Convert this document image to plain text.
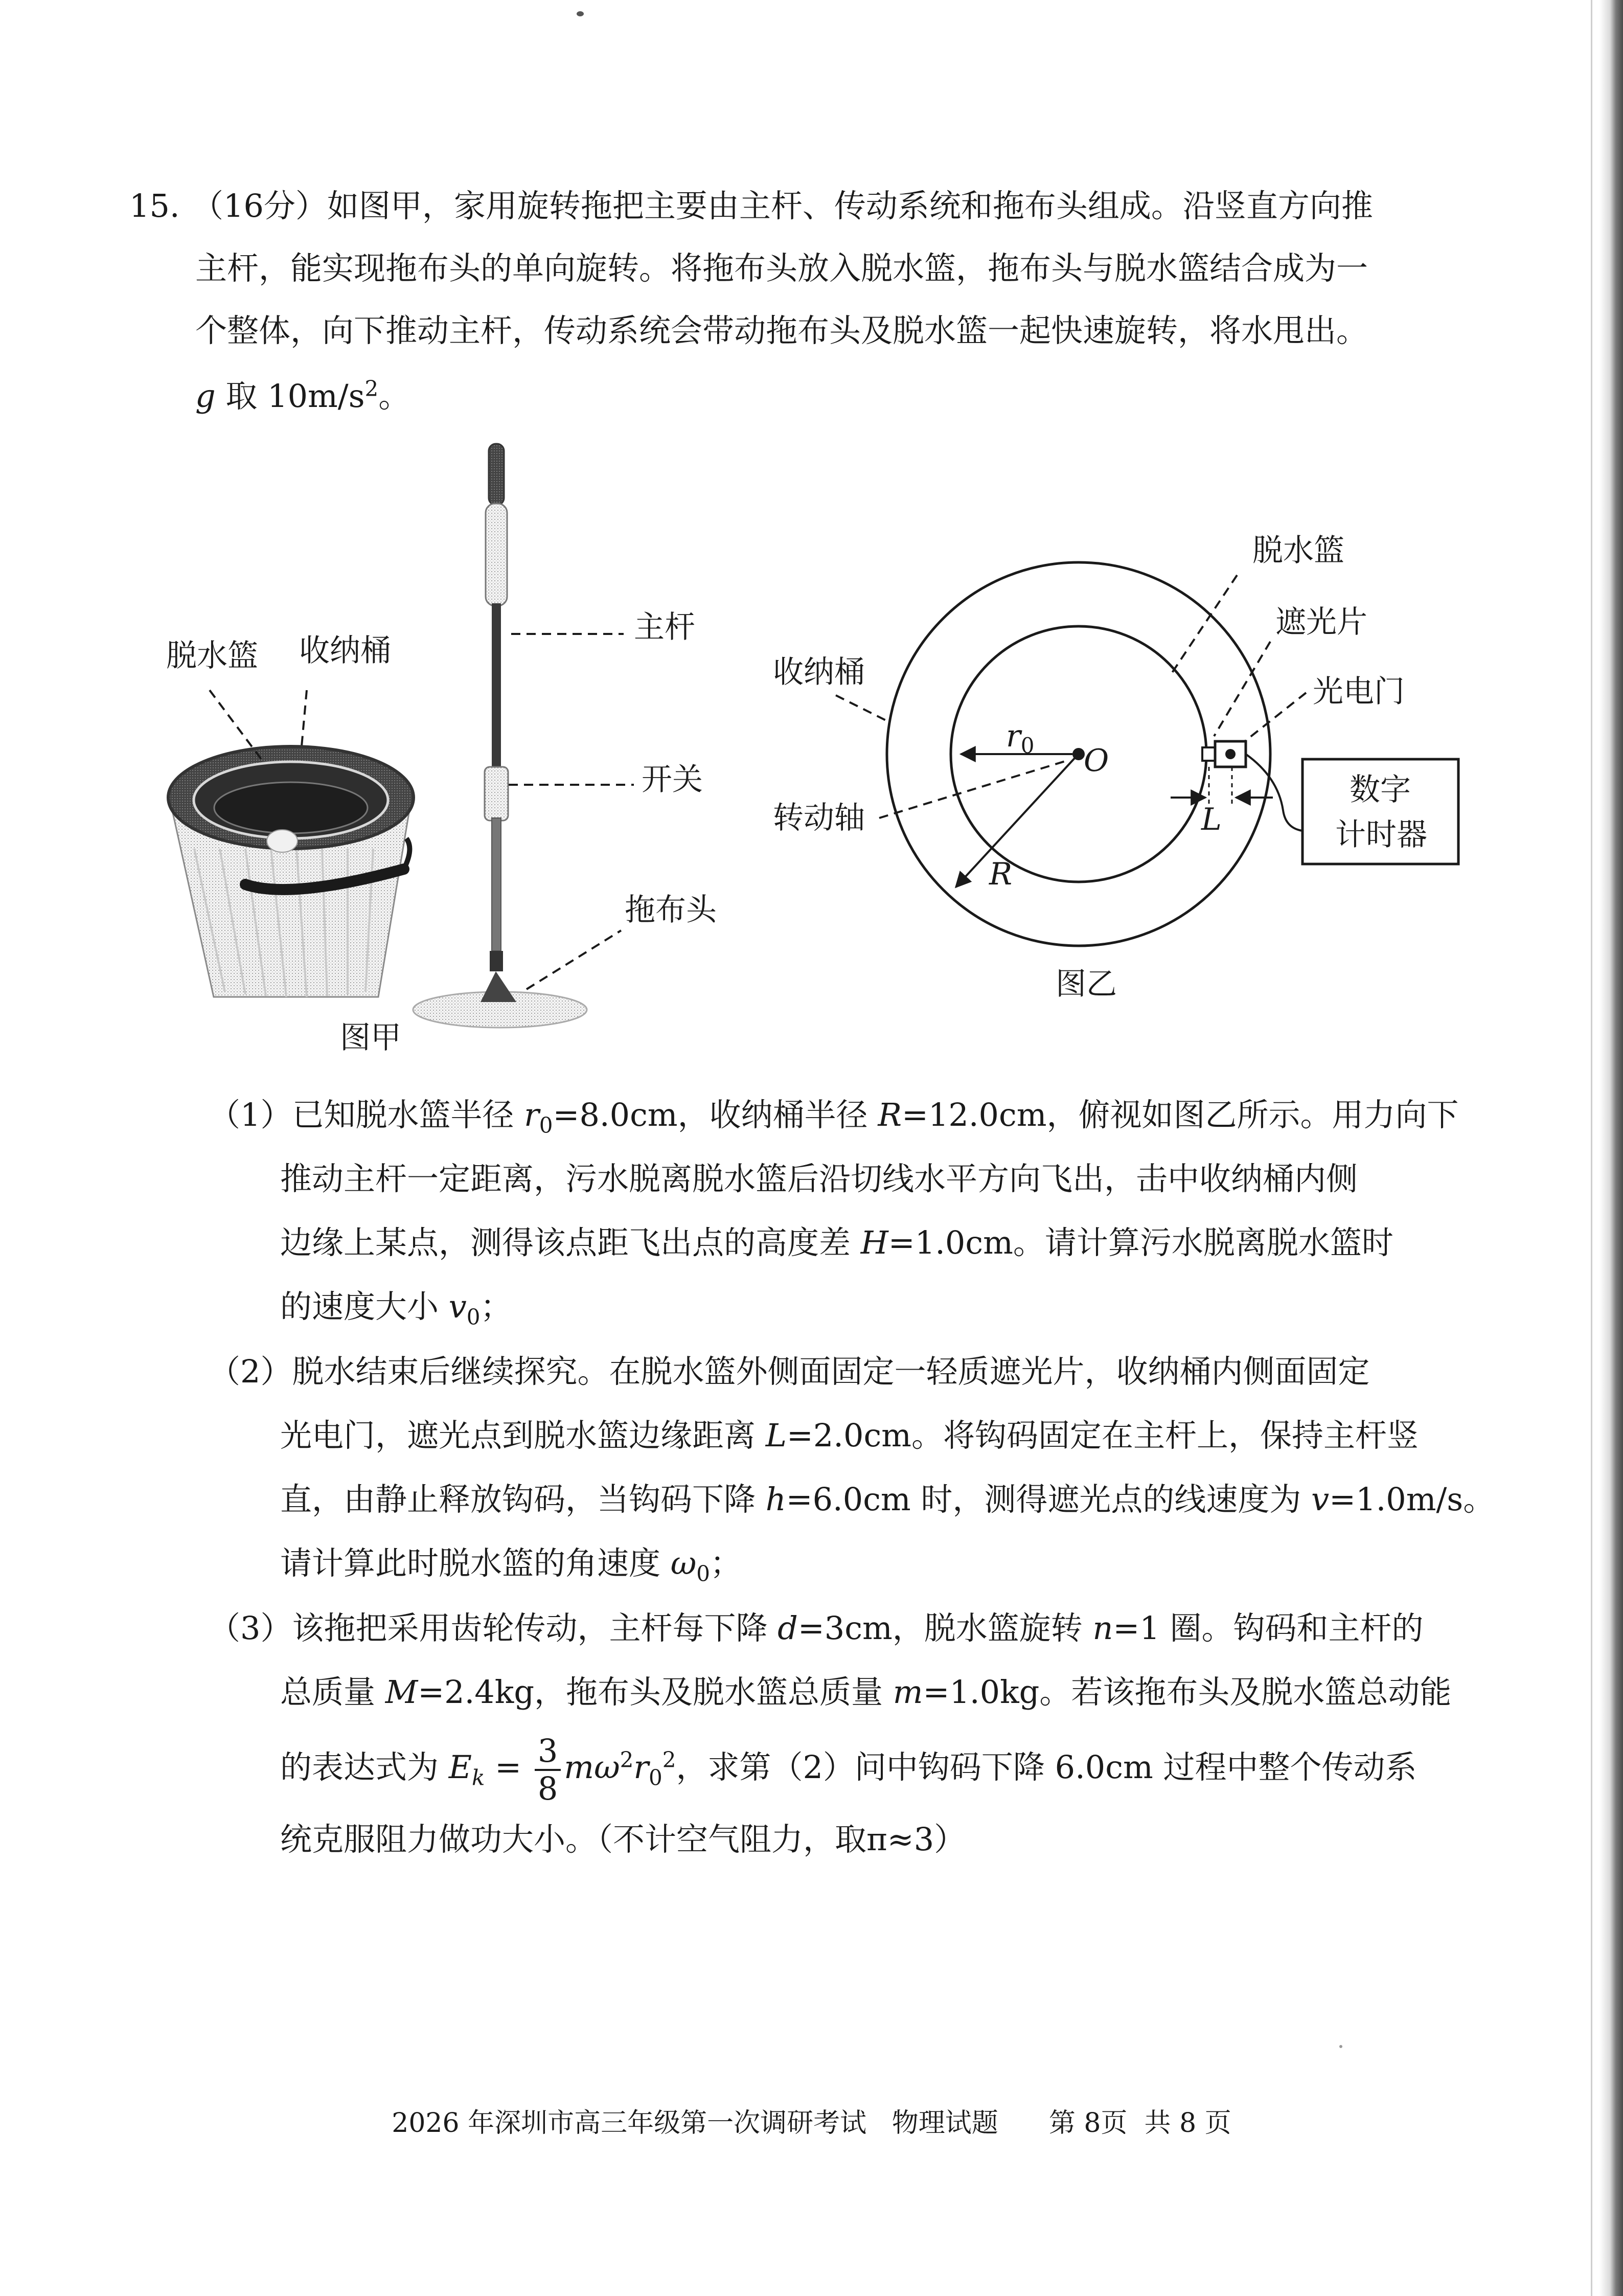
15. （16分）如图甲，家用旋转拖把主要由主杆、传动系统和拖布头组成。沿竖直方向推

主杆，能实现拖布头的单向旋转。将拖布头放入脱水篮，拖布头与脱水篮结合成为一

个整体，向下推动主杆，传动系统会带动拖布头及脱水篮一起快速旋转，将水甩出。

g 取 $10m/s^2$。

脱水篮 收纳桶
主杆
开关
拖布头
图甲
脱水篮
遮光片
光电门
收纳桶
转动轴
数字
计时器
$r_0$ O
R
L
图乙

（1）已知脱水篮半径 $r_0=8.0cm$，收纳桶半径 R=12.0cm，俯视如图乙所示。用力向下

推动主杆一定距离，污水脱离脱水篮后沿切线水平方向飞出，击中收纳桶内侧

边缘上某点，测得该点距飞出点的高度差 H=1.0cm。请计算污水脱离脱水篮时

的速度大小 $v_0$；

（2）脱水结束后继续探究。在脱水篮外侧面固定一轻质遮光片，收纳桶内侧面固定

光电门，遮光点到脱水篮边缘距离 L=2.0cm。将钩码固定在主杆上，保持主杆竖

直，由静止释放钩码，当钩码下降 h=6.0cm 时，测得遮光点的线速度为 v=1.0m/s。

请计算此时脱水篮的角速度 $\omega_0$；

（3）该拖把采用齿轮传动，主杆每下降 d=3cm，脱水篮旋转 n=1 圈。钩码和主杆的

总质量 M=2.4kg，拖布头及脱水篮总质量 m=1.0kg。若该拖布头及脱水篮总动能

的表达式为 $E_k = \frac{3}{8} m\omega^2r_0^2$，求第（2）问中钩码下降 6.0cm 过程中整个传动系

统克服阻力做功大小。（不计空气阻力，取π≈3）

2026 年深圳市高三年级第一次调研考试   物理试题      第 8页  共 8 页
